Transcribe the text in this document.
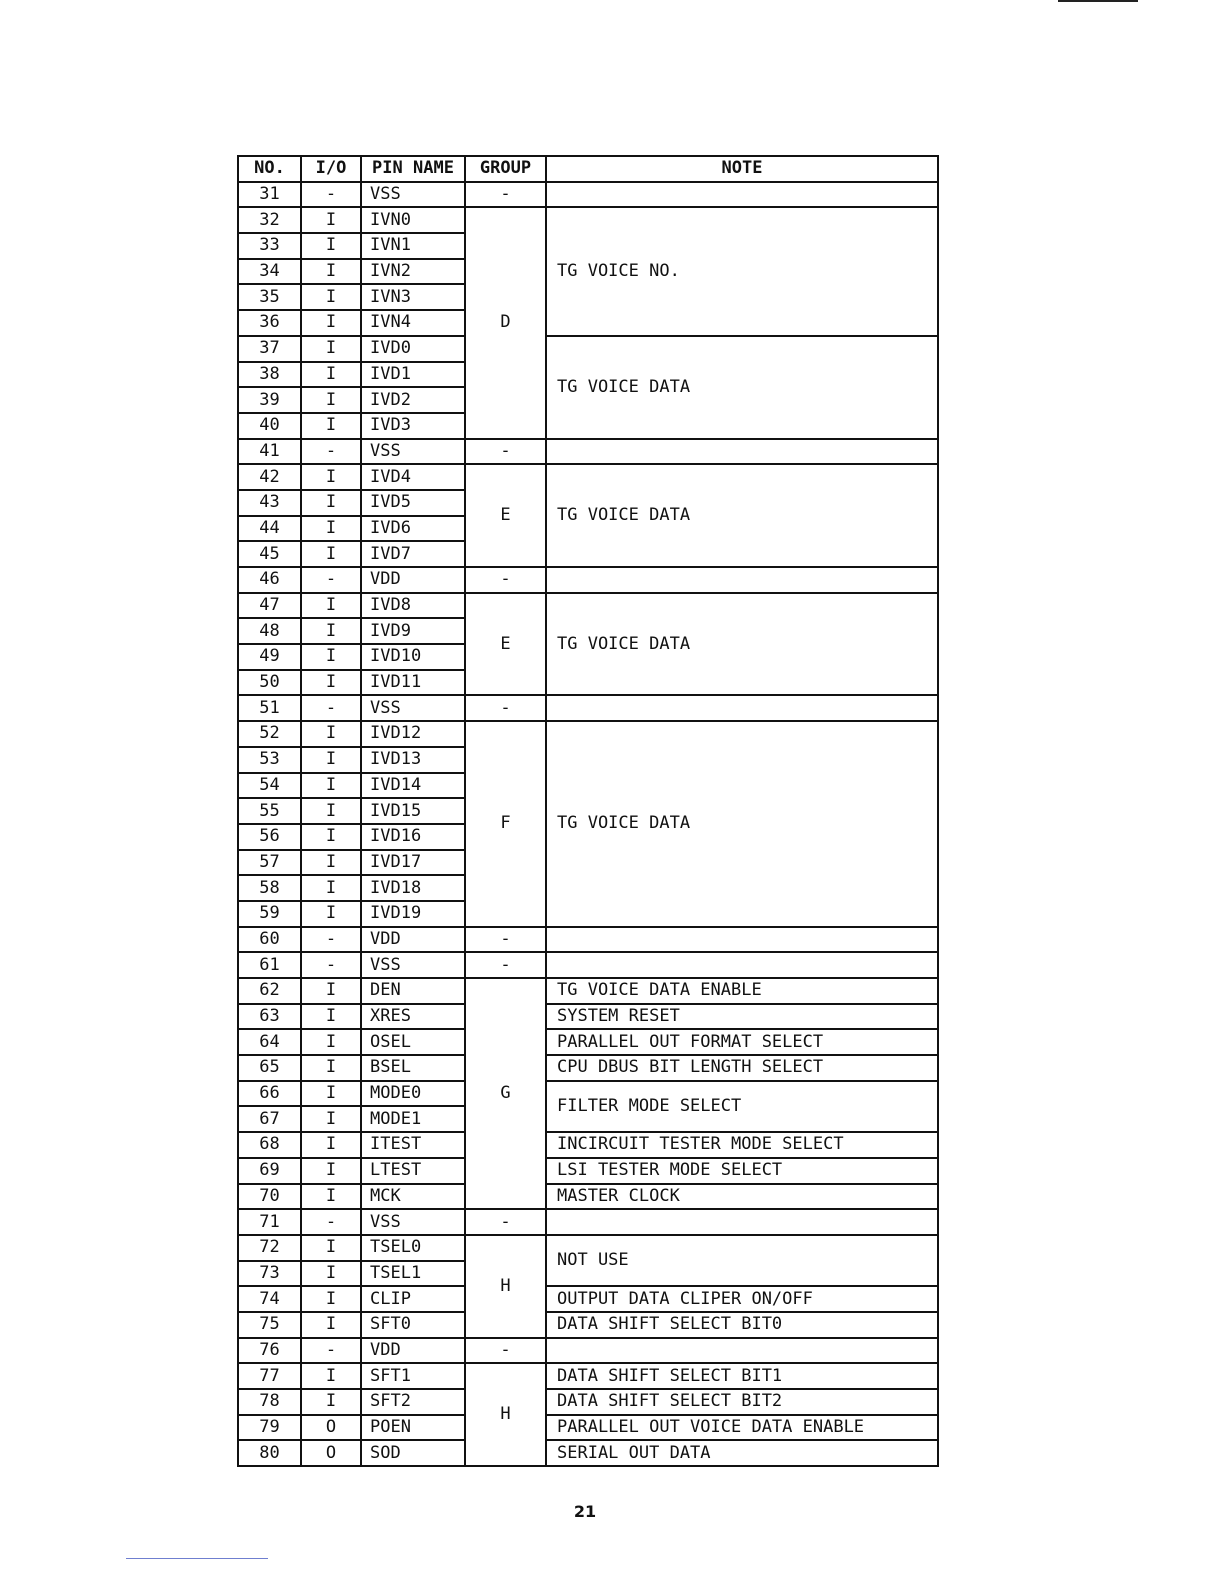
NO.	I/O	PIN NAME	GROUP	NOTE
31	-	VSS	-	
32	I	IVN0	D	TG VOICE NO.
33	I	IVN1		
34	I	IVN2		
35	I	IVN3		
36	I	IVN4		
37	I	IVD0		TG VOICE DATA
38	I	IVD1		
39	I	IVD2		
40	I	IVD3		
41	-	VSS	-	
42	I	IVD4	E	TG VOICE DATA
43	I	IVD5		
44	I	IVD6		
45	I	IVD7		
46	-	VDD	-	
47	I	IVD8	E	TG VOICE DATA
48	I	IVD9		
49	I	IVD10		
50	I	IVD11		
51	-	VSS	-	
52	I	IVD12	F	TG VOICE DATA
53	I	IVD13		
54	I	IVD14		
55	I	IVD15		
56	I	IVD16		
57	I	IVD17		
58	I	IVD18		
59	I	IVD19		
60	-	VDD	-	
61	-	VSS	-	
62	I	DEN	G	TG VOICE DATA ENABLE
63	I	XRES		SYSTEM RESET
64	I	OSEL		PARALLEL OUT FORMAT SELECT
65	I	BSEL		CPU DBUS BIT LENGTH SELECT
66	I	MODE0		FILTER MODE SELECT
67	I	MODE1		
68	I	ITEST		INCIRCUIT TESTER MODE SELECT
69	I	LTEST		LSI TESTER MODE SELECT
70	I	MCK		MASTER CLOCK
71	-	VSS	-	
72	I	TSEL0	H	NOT USE
73	I	TSEL1		
74	I	CLIP		OUTPUT DATA CLIPER ON/OFF
75	I	SFT0		DATA SHIFT SELECT BIT0
76	-	VDD	-	
77	I	SFT1	H	DATA SHIFT SELECT BIT1
78	I	SFT2		DATA SHIFT SELECT BIT2
79	O	POEN		PARALLEL OUT VOICE DATA ENABLE
80	O	SOD		SERIAL OUT DATA
21
